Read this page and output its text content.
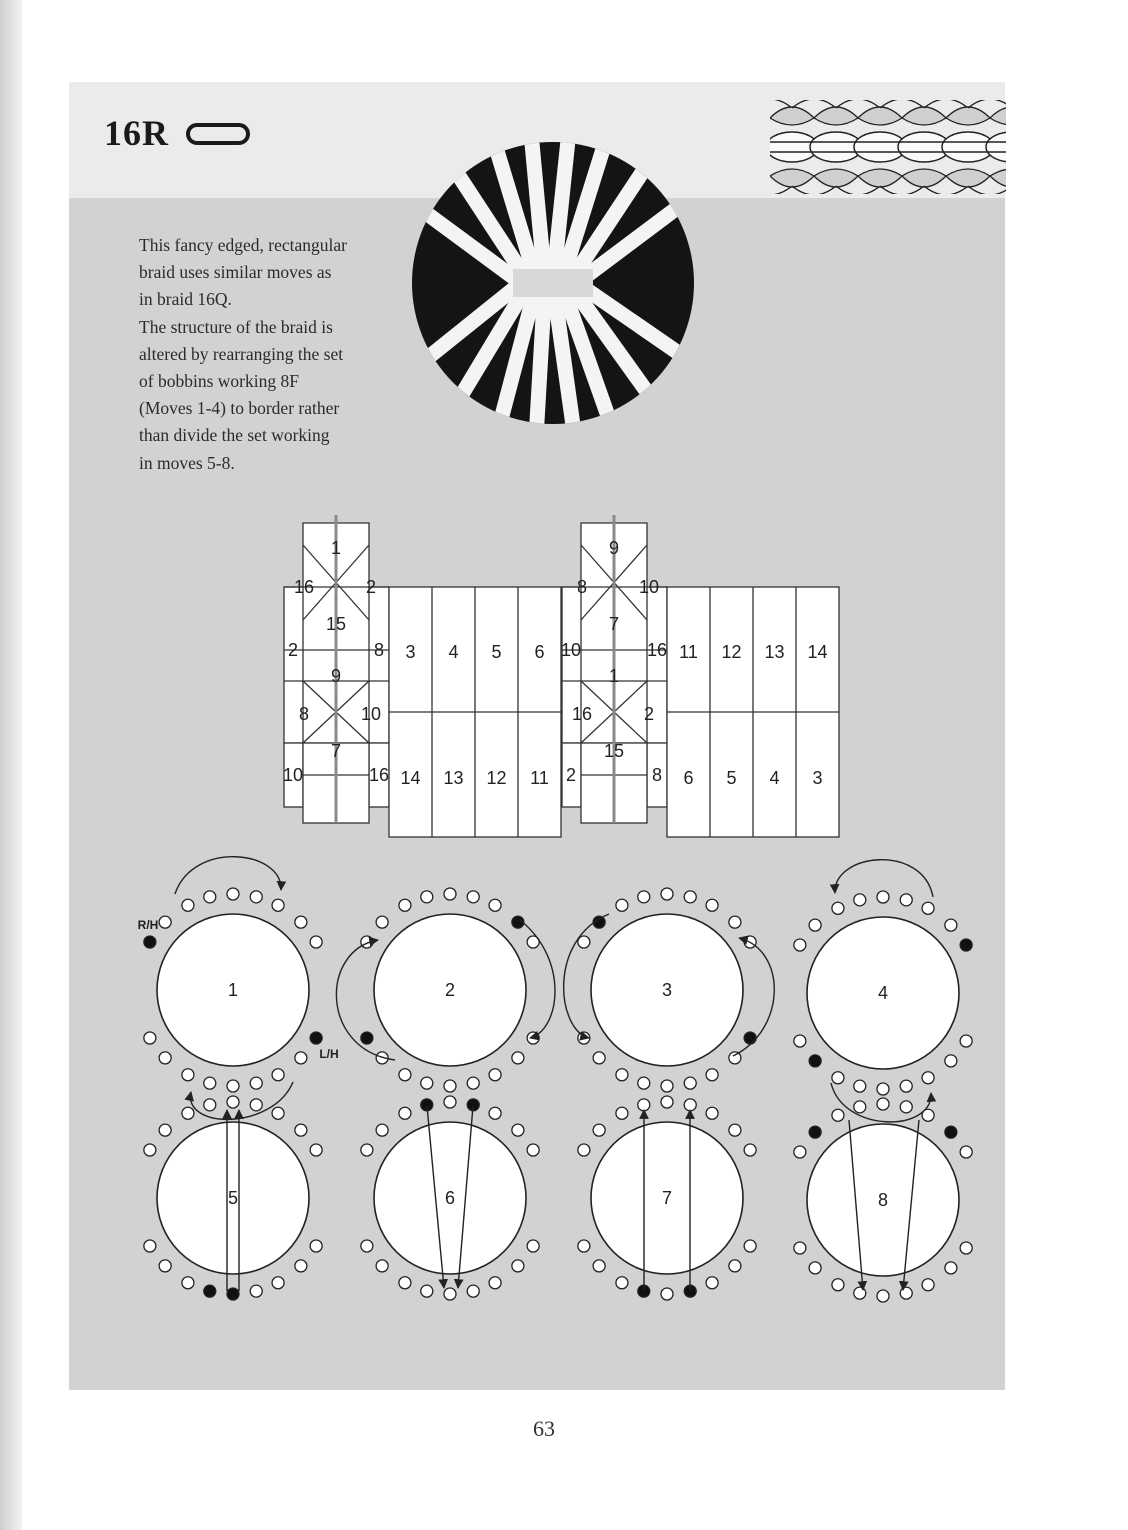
16R

This fancy edged, rectangular

braid uses similar moves as

in braid 16Q.

The structure of the braid is

altered by rearranging the set

of bobbins working 8F

(Moves 1-4) to border rather

than divide the set working

in moves 5-8.

1
16	2
15
2	8
9
8	10
7
10	16
3 4 5 6
14 13 12 11
9
8	10
7
10	16
1
16	2
15
2	8
11 12 13 14
6 5 4 3
1	2	3	4
5	6	7	8
R/H
L/H
63
